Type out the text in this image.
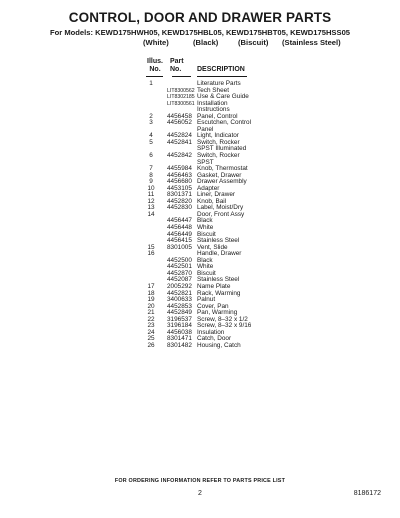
CONTROL, DOOR AND DRAWER PARTS
For Models: KEWD175HWH05, KEWD175HBL05, KEWD175HBT05, KEWD175HSS05
(White)	(Black)	(Biscuit) (Stainless Steel)
Illus.
No.
Part
No.	DESCRIPTION
1	Literature Parts
LIT8300562 Tech Sheet
LIT8302185 Use & Care Guide
LIT8300561 Installation
Instructions
2	4456458 Panel, Control
3	4456052 Escutchen, Control
Panel
4	4452824 Light, Indicator
5	4452841 Switch, Rocker
SPST Illuminated
6	4452842 Switch, Rocker
SPST
7	4455984 Knob, Thermostat
8	4456463 Gasket, Drawer
9	4456680 Drawer Assembly
10	4453105 Adapter
11	8301371 Liner, Drawer
12	4452820 Knob, Bail
13	4452830 Label, Moist/Dry
14	Door, Front Assy
4456447 Black
4456448 White
4456449 Biscuit
4456415 Stainless Steel
15	8301005 Vent, Slide
16	Handle, Drawer
4452500 Black
4452501 White
4452870 Biscuit
4452087 Stainless Steel
17	2005292 Name Plate
18	4452821 Rack, Warming
19	3400633 Palnut
20	4452853 Cover, Pan
21	4452849 Pan, Warming
22	3196537 Screw, 8–32 x 1/2
23	3196184 Screw, 8–32 x 9/16
24	4456038 Insulation
25	8301471 Catch, Door
26	8301482 Housing, Catch
FOR ORDERING INFORMATION REFER TO PARTS PRICE LIST
2	8186172
